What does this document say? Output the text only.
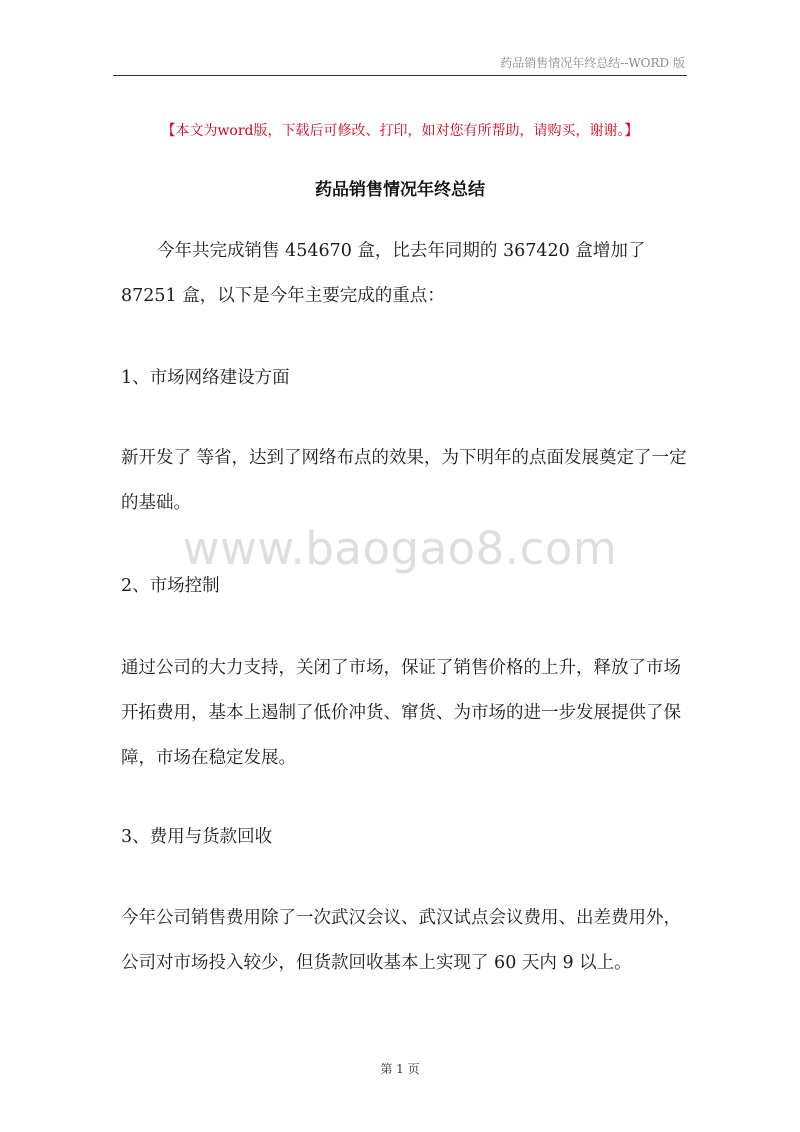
药品销售情况年终总结--WORD 版
【本文为word版，下载后可修改、打印，如对您有所帮助，请购买，谢谢。】
药品销售情况年终总结
今年共完成销售 454670 盒，比去年同期的 367420 盒增加了 87251 盒，以下是今年主要完成的重点：
1、市场网络建设方面
新开发了 等省，达到了网络布点的效果，为下明年的点面发展奠定了一定的基础。
www.baogao8.com
2、市场控制
通过公司的大力支持，关闭了市场，保证了销售价格的上升，释放了市场开拓费用，基本上遏制了低价冲货、窜货、为市场的进一步发展提供了保障，市场在稳定发展。
3、费用与货款回收
今年公司销售费用除了一次武汉会议、武汉试点会议费用、出差费用外，公司对市场投入较少，但货款回收基本上实现了 60 天内 9 以上。
第 1 页
